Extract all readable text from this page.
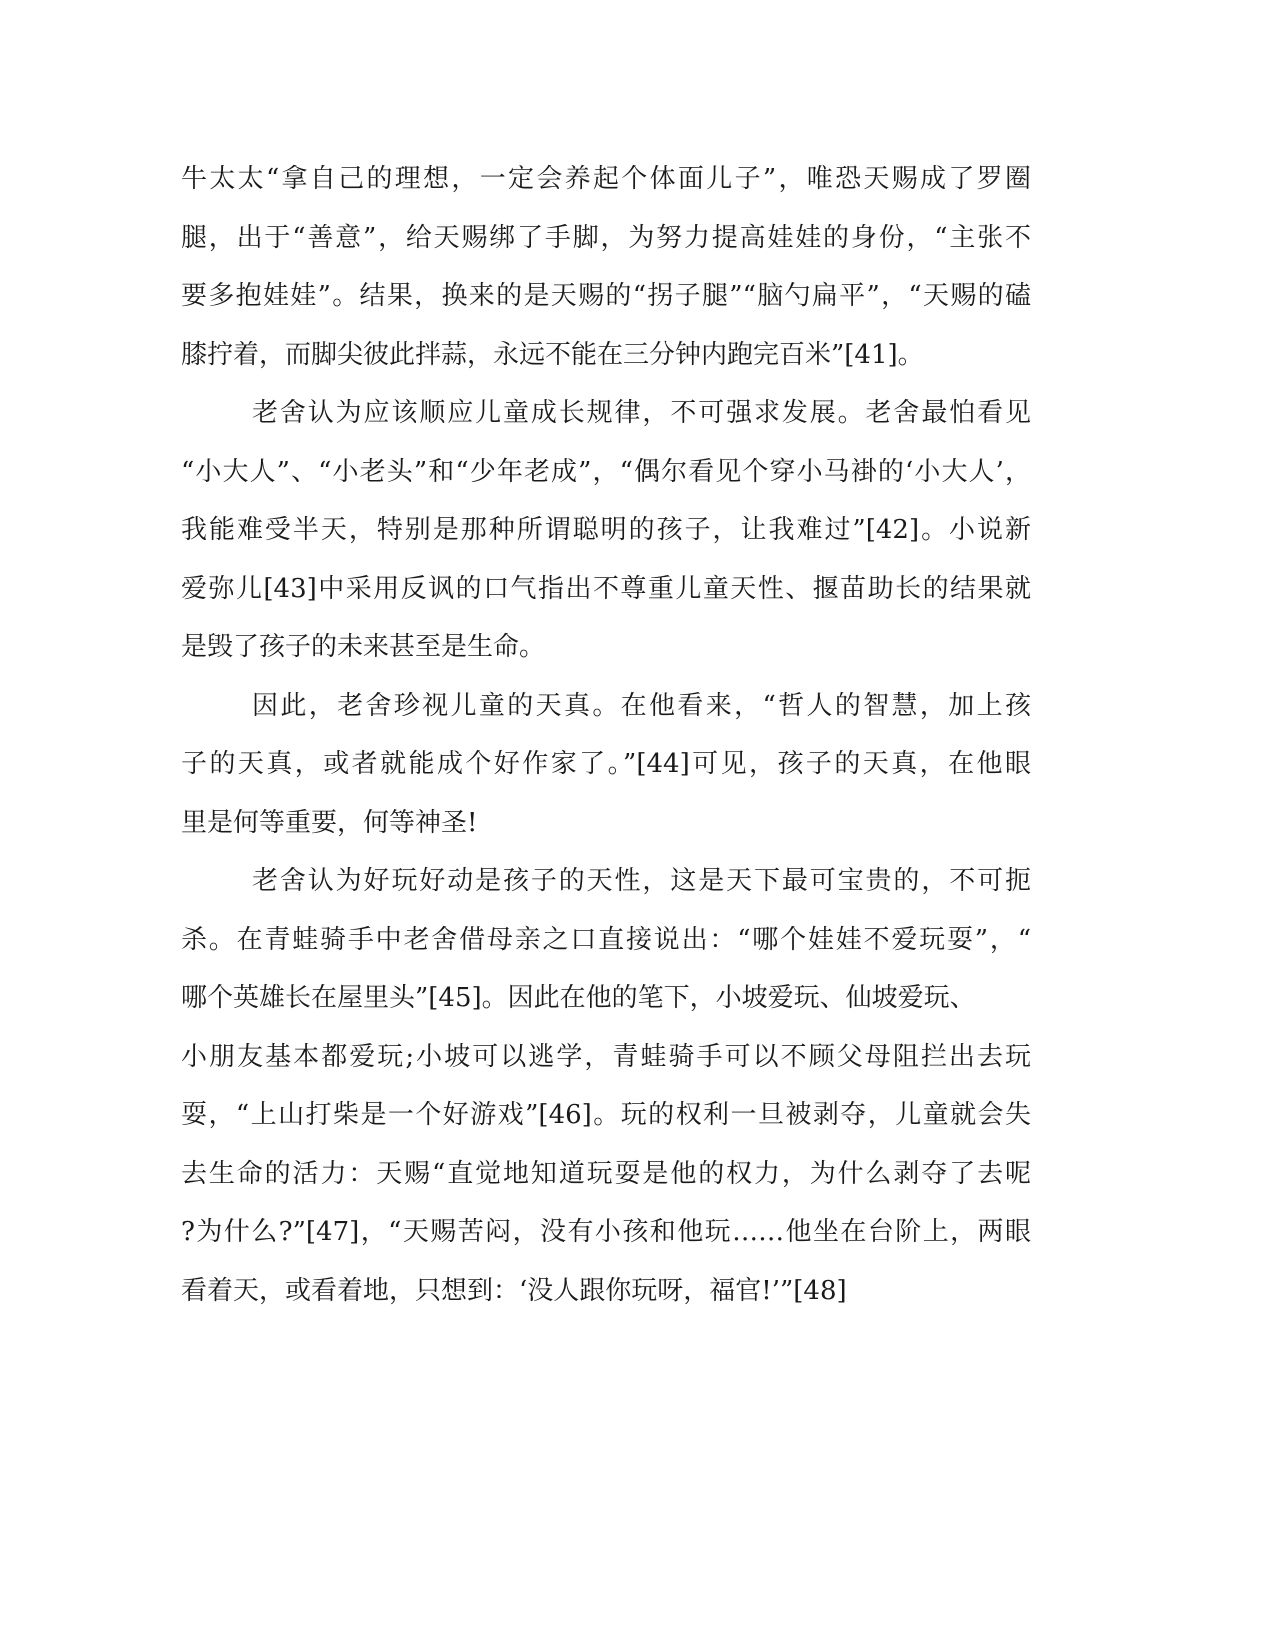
牛太太“拿自己的理想，一定会养起个体面儿子”，唯恐天赐成了罗圈
腿，出于“善意”，给天赐绑了手脚，为努力提高娃娃的身份，“主张不
要多抱娃娃”。结果，换来的是天赐的“拐子腿”“脑勺扁平”，“天赐的磕
膝拧着，而脚尖彼此拌蒜，永远不能在三分钟内跑完百米”[41]。
老舍认为应该顺应儿童成长规律，不可强求发展。老舍最怕看见
“小大人”、“小老头”和“少年老成”，“偶尔看见个穿小马褂的‘小大人’，
我能难受半天，特别是那种所谓聪明的孩子，让我难过”[42]。小说新
爱弥儿[43]中采用反讽的口气指出不尊重儿童天性、揠苗助长的结果就
是毁了孩子的未来甚至是生命。
因此，老舍珍视儿童的天真。在他看来，“哲人的智慧，加上孩
子的天真，或者就能成个好作家了。”[44]可见，孩子的天真，在他眼
里是何等重要，何等神圣!
老舍认为好玩好动是孩子的天性，这是天下最可宝贵的，不可扼
杀。在青蛙骑手中老舍借母亲之口直接说出：“哪个娃娃不爱玩耍”，“
哪个英雄长在屋里头”[45]。因此在他的笔下，小坡爱玩、仙坡爱玩、
小朋友基本都爱玩;小坡可以逃学，青蛙骑手可以不顾父母阻拦出去玩
耍，“上山打柴是一个好游戏”[46]。玩的权利一旦被剥夺，儿童就会失
去生命的活力：天赐“直觉地知道玩耍是他的权力，为什么剥夺了去呢
?为什么?”[47]，“天赐苦闷，没有小孩和他玩……他坐在台阶上，两眼
看着天，或看着地，只想到：‘没人跟你玩呀，福官!’”[48]
